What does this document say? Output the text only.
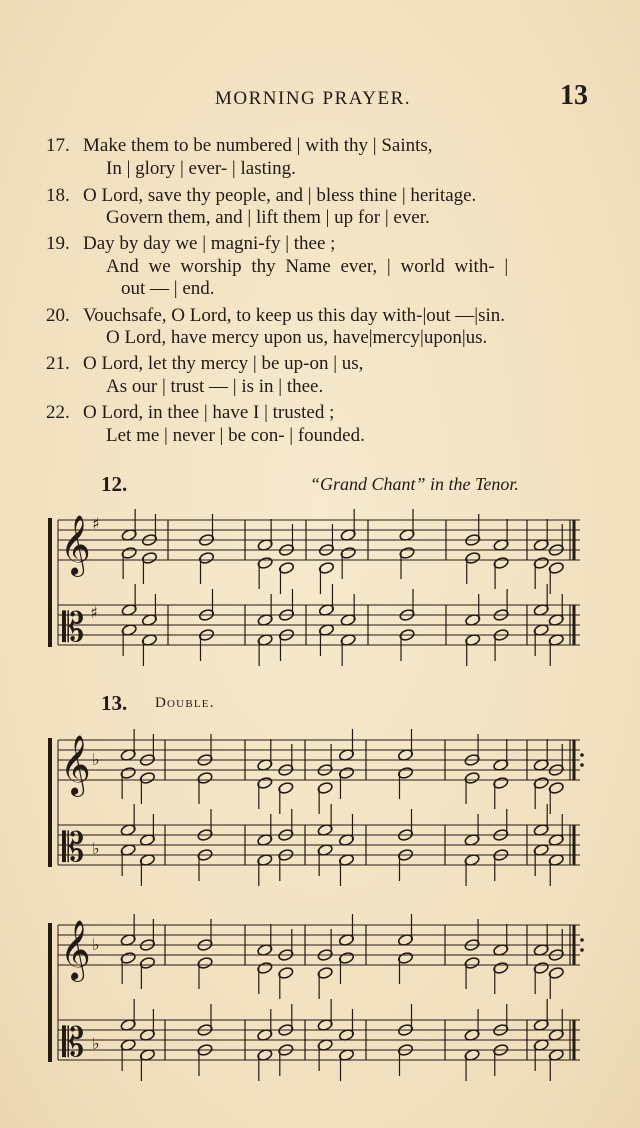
MORNING PRAYER.	13
17. Make them to be numbered | with thy | Saints,
In | glory | ever- | lasting.
18. O Lord, save thy people, and | bless thine | heritage.
Govern them, and | lift them | up for | ever.
19. Day by day we | magni-fy | thee ;
And we worship thy Name ever, | world with- |
out — | end.
20. Vouchsafe, O Lord, to keep us this day with-|out —|sin.
O Lord, have mercy upon us, have|mercy|upon|us.
21. O Lord, let thy mercy | be up-on | us,
As our | trust — | is in | thee.
22. O Lord, in thee | have I | trusted ;
Let me | never | be con- | founded.
12.	“Grand Chant” in the Tenor.
13. Double.
𝄞
𝄡
♯
♯
𝄞
𝄡
♭
♭
𝄞
𝄡
♭
♭
